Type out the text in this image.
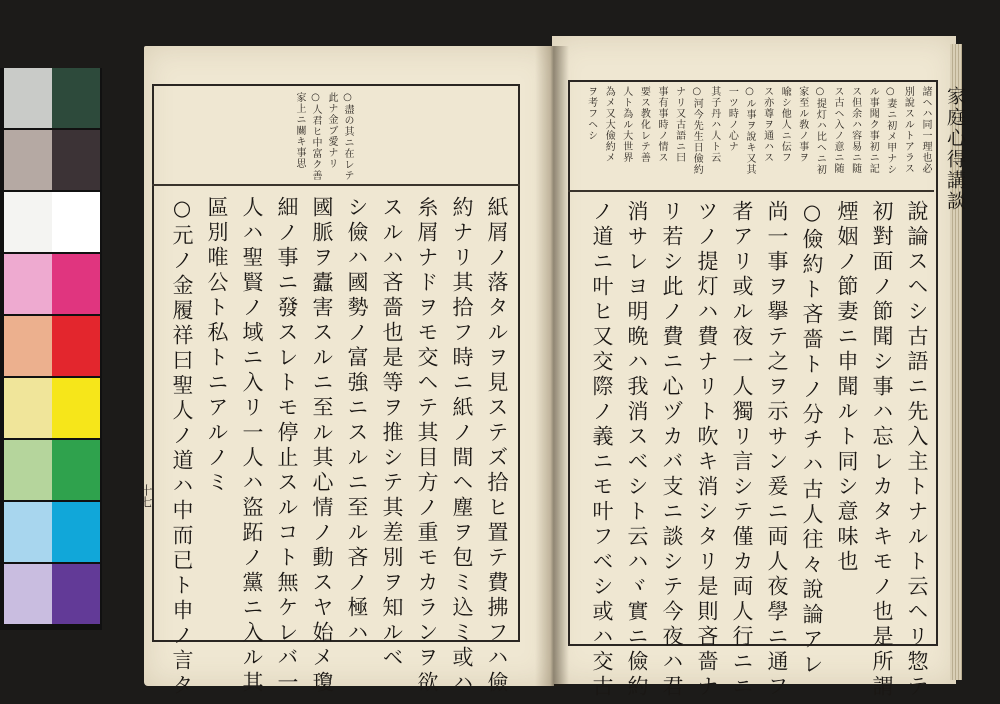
○盡の其ニ在レテ
此ナ金ブ愛ナリ
○人君ヒ中富ク善
家上ニ關キ事思
紙屑ノ落タルヲ見ステズ拾ヒ置テ費拂フハ儉
約ナリ其拾フ時ニ紙ノ間ヘ塵ヲ包ミ込ミ或ハ
糸屑ナドヲモ交ヘテ其目方ノ重モカランヲ欲
スルハ吝嗇也是等ヲ推シテ其差別ヲ知ルベ
シ儉ハ國勢ノ富強ニスルニ至ル吝ノ極ハ
國脈ヲ蠹害スルニ至ル其心情ノ動スヤ始メ瓊
細ノ事ニ發スレトモ停止スルコト無ケレバ一
人ハ聖賢ノ域ニ入リ一人ハ盜跖ノ黨ニ入ル其
區別唯公ト私トニアルノミ
○元ノ金履祥曰聖人ノ道ハ中而已ト申ノ言タ
十七
諸ヘハ同一理也必
別說スルトアラス
○妻ニ初メ甲ナシ
ル事聞ク事初ニ記
ス但余ハ容易ニ随
ス古ヘ入ノ意ニ随
○提灯ハ比ヘニ初
家至ル敎ノ事ヲ
喩シ他人ニ伝フ
ス亦尊ヲ通ハス
○ル事ヲ說キ又其
一ツ時ノ心ナ
其子丹ハ人ト云
○河今先生日儉約
ナリ又古語ニ曰
事有事時ノ情ス
要ス教化レテ善
人ト為ル大世界
為メ又大儉約メ
ヲ考フヘシ
說論スヘシ古語ニ先入主トナルト云ヘリ惣テ
初對面ノ節聞シ事ハ忘レカタキモノ也是所謂
煙姻ノ節妻ニ申聞ルト同シ意味也
○儉約ト吝嗇トノ分チハ古人往々說論アレ
尚一事ヲ擧テ之ヲ示サン爰ニ両人夜學ニ通フ
者アリ或ル夜一人獨リ言シテ僅カ両人行ニニ
ツノ提灯ハ費ナリト吹キ消シタリ是則吝嗇ナ
リ若シ此ノ費ニ心ヅカバ支ニ談シテ今夜ハ君
消サレヨ明晩ハ我消スベシト云ハヾ實ニ儉約
ノ道ニ叶ヒ又交際ノ義ニモ叶フベシ或ハ交古
家庭心得講談
